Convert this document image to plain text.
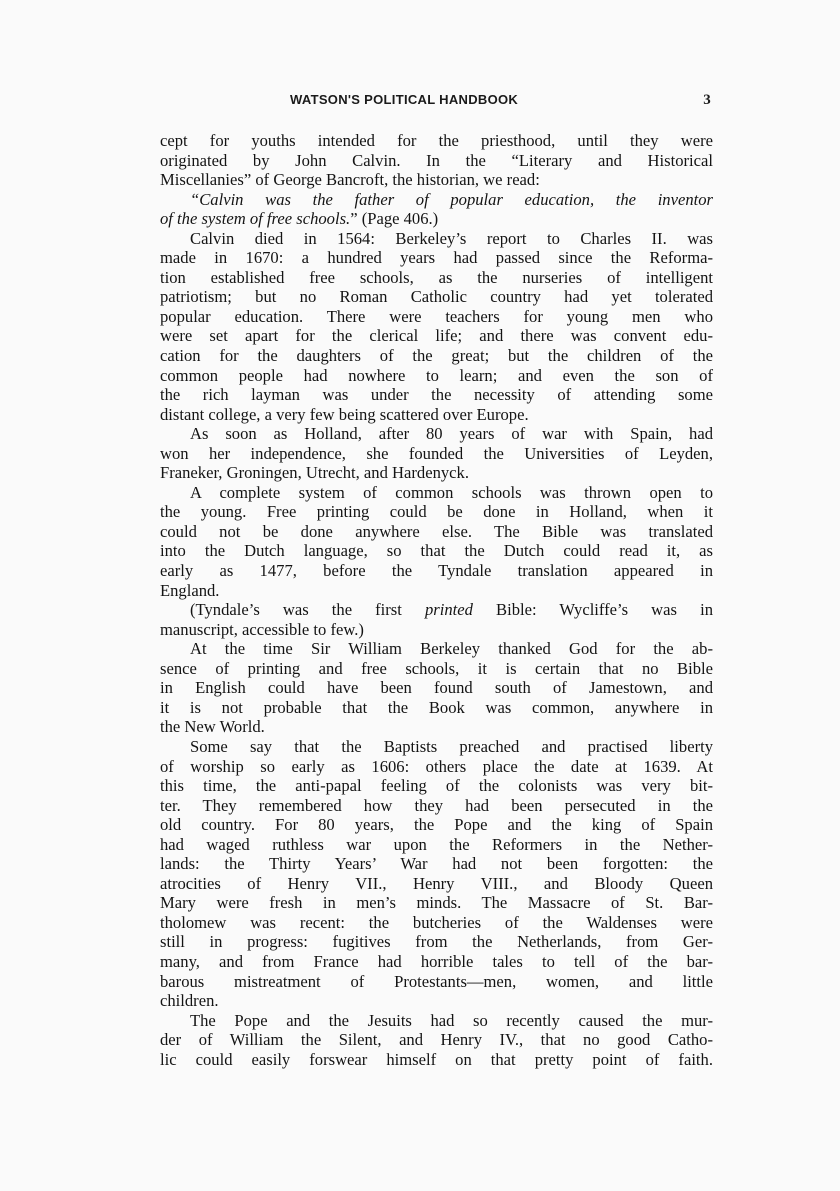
WATSON'S POLITICAL HANDBOOK	3
cept for youths intended for the priesthood, until they were
originated by John Calvin. In the “Literary and Historical
Miscellanies” of George Bancroft, the historian, we read:
“Calvin was the father of popular education, the inventor
of the system of free schools.” (Page 406.)
Calvin died in 1564: Berkeley’s report to Charles II. was
made in 1670: a hundred years had passed since the Reforma-
tion established free schools, as the nurseries of intelligent
patriotism; but no Roman Catholic country had yet tolerated
popular education. There were teachers for young men who
were set apart for the clerical life; and there was convent edu-
cation for the daughters of the great; but the children of the
common people had nowhere to learn; and even the son of
the rich layman was under the necessity of attending some
distant college, a very few being scattered over Europe.
As soon as Holland, after 80 years of war with Spain, had
won her independence, she founded the Universities of Leyden,
Franeker, Groningen, Utrecht, and Hardenyck.
A complete system of common schools was thrown open to
the young. Free printing could be done in Holland, when it
could not be done anywhere else. The Bible was translated
into the Dutch language, so that the Dutch could read it, as
early as 1477, before the Tyndale translation appeared in
England.
(Tyndale’s was the first printed Bible: Wycliffe’s was in
manuscript, accessible to few.)
At the time Sir William Berkeley thanked God for the ab-
sence of printing and free schools, it is certain that no Bible
in English could have been found south of Jamestown, and
it is not probable that the Book was common, anywhere in
the New World.
Some say that the Baptists preached and practised liberty
of worship so early as 1606: others place the date at 1639. At
this time, the anti-papal feeling of the colonists was very bit-
ter. They remembered how they had been persecuted in the
old country. For 80 years, the Pope and the king of Spain
had waged ruthless war upon the Reformers in the Nether-
lands: the Thirty Years’ War had not been forgotten: the
atrocities of Henry VII., Henry VIII., and Bloody Queen
Mary were fresh in men’s minds. The Massacre of St. Bar-
tholomew was recent: the butcheries of the Waldenses were
still in progress: fugitives from the Netherlands, from Ger-
many, and from France had horrible tales to tell of the bar-
barous mistreatment of Protestants—men, women, and little
children.
The Pope and the Jesuits had so recently caused the mur-
der of William the Silent, and Henry IV., that no good Catho-
lic could easily forswear himself on that pretty point of faith.
